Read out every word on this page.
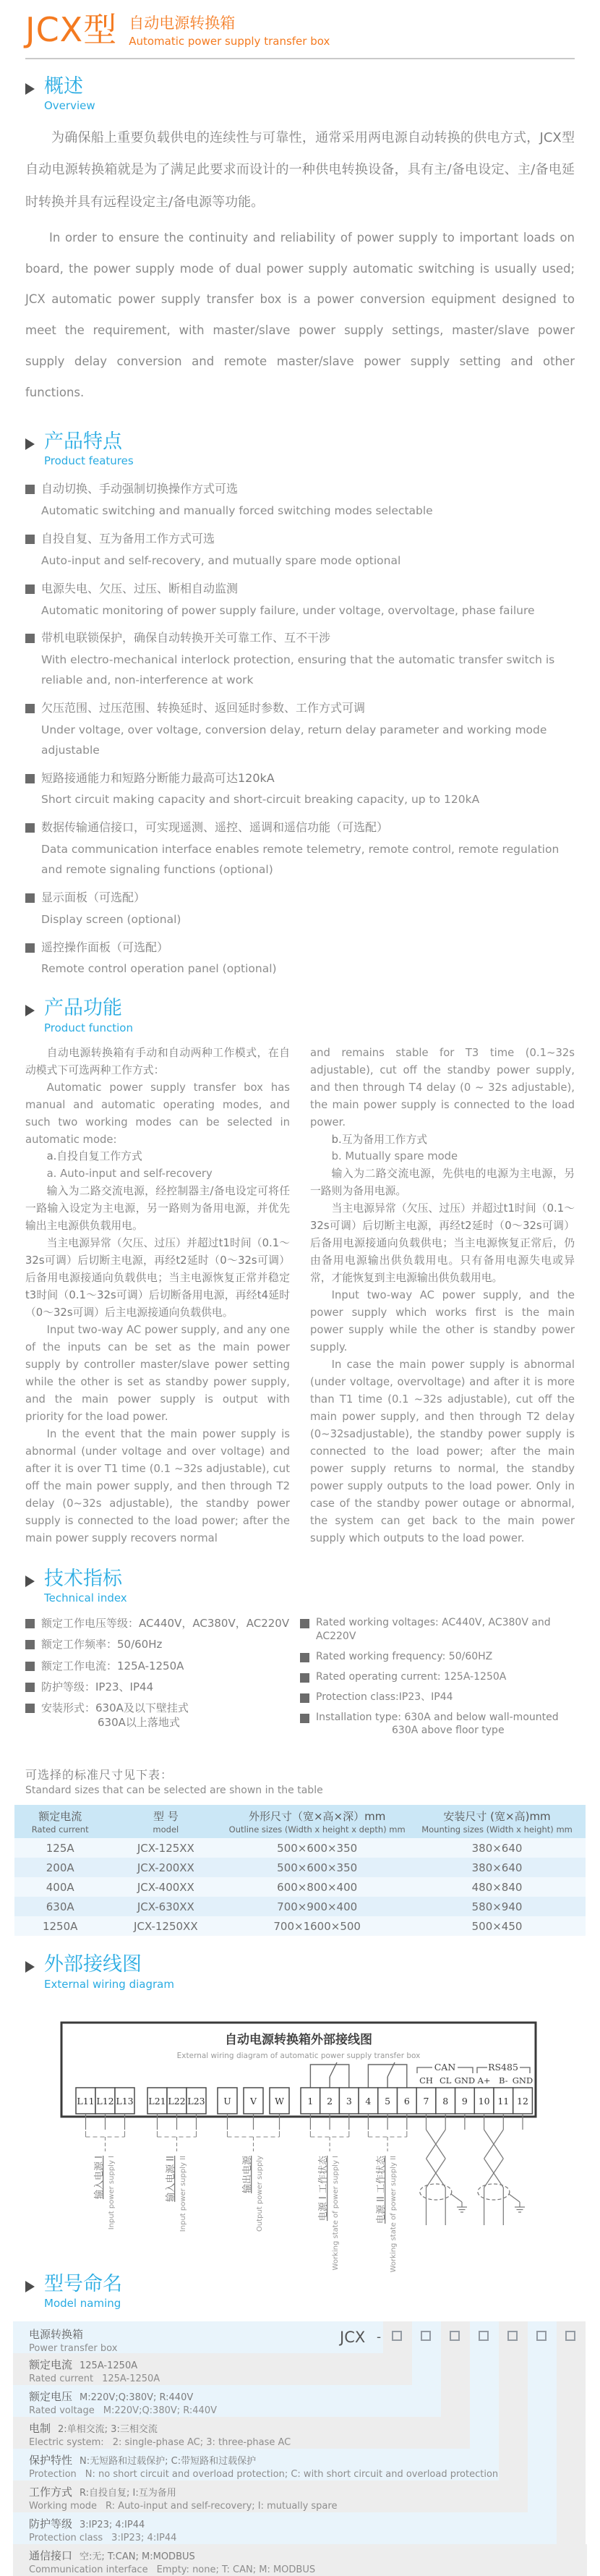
JCX型 自动电源转换箱
Automatic power supply transfer box
概述
Overview

为确保船上重要负载供电的连续性与可靠性，通常采用两电源自动转换的供电方式，JCX型自动电源转换箱就是为了满足此要求而设计的一种供电转换设备，具有主/备电设定、主/备电延时转换并具有远程设定主/备电源等功能。

In order to ensure the continuity and reliability of power supply to important loads on board, the power supply mode of dual power supply automatic switching is usually used; JCX automatic power supply transfer box is a power conversion equipment designed to meet the requirement, with master/slave power supply settings, master/slave power supply delay conversion and remote master/slave power supply setting and other functions.

产品特点
Product features
自动切换、手动强制切换操作方式可选
Automatic switching and manually forced switching modes selectable
自投自复、互为备用工作方式可选
Auto-input and self-recovery, and mutually spare mode optional
电源失电、欠压、过压、断相自动监测
Automatic monitoring of power supply failure, under voltage, overvoltage, phase failure
带机电联锁保护，确保自动转换开关可靠工作、互不干涉
With electro-mechanical interlock protection, ensuring that the automatic transfer switch is reliable and, non-interference at work
欠压范围、过压范围、转换延时、返回延时参数、工作方式可调
Under voltage, over voltage, conversion delay, return delay parameter and working mode adjustable
短路接通能力和短路分断能力最高可达120kA
Short circuit making capacity and short-circuit breaking capacity, up to 120kA
数据传输通信接口，可实现遥测、遥控、遥调和遥信功能（可选配）
Data communication interface enables remote telemetry, remote control, remote regulation and remote signaling functions (optional)
显示面板（可选配）
Display screen (optional)
遥控操作面板（可选配）
Remote control operation panel (optional)
产品功能
Product function

自动电源转换箱有手动和自动两种工作模式，在自动模式下可选两种工作方式：

Automatic power supply transfer box has manual and automatic operating modes, and such two working modes can be selected in automatic mode:

a.自投自复工作方式

a. Auto-input and self-recovery

输入为二路交流电源，经控制器主/备电设定可将任一路输入设定为主电源，另一路则为备用电源，并优先输出主电源供负载用电。

当主电源异常（欠压、过压）并超过t1时间（0.1～32s可调）后切断主电源，再经t2延时（0～32s可调）后备用电源接通向负载供电；当主电源恢复正常并稳定t3时间（0.1～32s可调）后切断备用电源，再经t4延时（0～32s可调）后主电源接通向负载供电。

Input two-way AC power supply, and any one of the inputs can be set as the main power supply by controller master/slave power setting while the other is set as standby power supply, and the main power supply is output with priority for the load power.

In the event that the main power supply is abnormal (under voltage and over voltage) and after it is over T1 time (0.1 ~32s adjustable), cut off the main power supply, and then through T2 delay (0~32s adjustable), the standby power supply is connected to the load power; after the main power supply recovers normal

and remains stable for T3 time (0.1~32s adjustable), cut off the standby power supply, and then through T4 delay (0 ~ 32s adjustable), the main power supply is connected to the load power.

b.互为备用工作方式

b. Mutually spare mode

输入为二路交流电源，先供电的电源为主电源，另一路则为备用电源。

当主电源异常（欠压、过压）并超过t1时间（0.1～32s可调）后切断主电源，再经t2延时（0～32s可调）后备用电源接通向负载供电；当主电源恢复正常后，仍由备用电源输出供负载用电。只有备用电源失电或异常，才能恢复到主电源输出供负载用电。

Input two-way AC power supply, and the power supply which works first is the main power supply while the other is standby power supply.

In case the main power supply is abnormal (under voltage, overvoltage) and after it is more than T1 time (0.1 ~32s adjustable), cut off the main power supply, and then through T2 delay (0~32sadjustable), the standby power supply is connected to the load power; after the main power supply returns to normal, the standby power supply outputs to the load power. Only in case of the standby power outage or abnormal, the system can get back to the main power supply which outputs to the load power.

技术指标
Technical index
额定工作电压等级：AC440V，AC380V，AC220V
额定工作频率：50/60Hz
额定工作电流：125A-1250A
防护等级：IP23、IP44
安装形式：630A及以下壁挂式
630A以上落地式
Rated working voltages: AC440V, AC380V and AC220V
Rated working frequency: 50/60HZ
Rated operating current: 125A-1250A
Protection class:IP23、IP44
Installation type: 630A and below wall-mounted
630A above floor type
可选择的标准尺寸见下表：
Standard sizes that can be selected are shown in the table
额定电流
Rated current	型 号
model	外形尺寸（宽×高×深）mm
Outline sizes (Width x height x depth) mm	安装尺寸 (宽×高)mm
Mounting sizes (Width x height) mm

125A	JCX-125XX	500×600×350	380×640
200A	JCX-200XX	500×600×350	380×640
400A	JCX-400XX	600×800×400	480×840
630A	JCX-630XX	700×900×400	580×940
1250A	JCX-1250XX	700×1600×500	500×450
外部接线图
External wiring diagram
自动电源转换箱外部接线图
External wiring diagram of automatic power supply transfer box
CAN	RS485
CH CL GND A+ B- GND
L11 L12 L13 L21 L22 L23 U V W	1 2 3 4 5 6 7 8 9 10 11 12
输入电源 I Input power supply I	输入电源 II Input power supply II	输出电源 Output power supply	电源 I 工作状态 Working state of power supply I	电源 II 工作状态 Working state of power supply II
型号命名
Model naming
JCX -
电源转换箱
Power transfer box
额定电流 125A-1250A
Rated current 125A-1250A
额定电压 M:220V;Q:380V; R:440V
Rated voltage M:220V;Q:380V; R:440V
电制 2:单相交流; 3:三相交流
Electric system: 2: single-phase AC; 3: three-phase AC
保护特性 N:无短路和过载保护; C:带短路和过载保护
Protection N: no short circuit and overload protection; C: with short circuit and overload protection
工作方式 R:自投自复; I:互为备用
Working mode R: Auto-input and self-recovery; I: mutually spare
防护等级 3:IP23; 4:IP44
Protection class 3:IP23; 4:IP44
通信接口 空:无; T:CAN; M:MODBUS
Communication interface Empty: none; T: CAN; M: MODBUS
